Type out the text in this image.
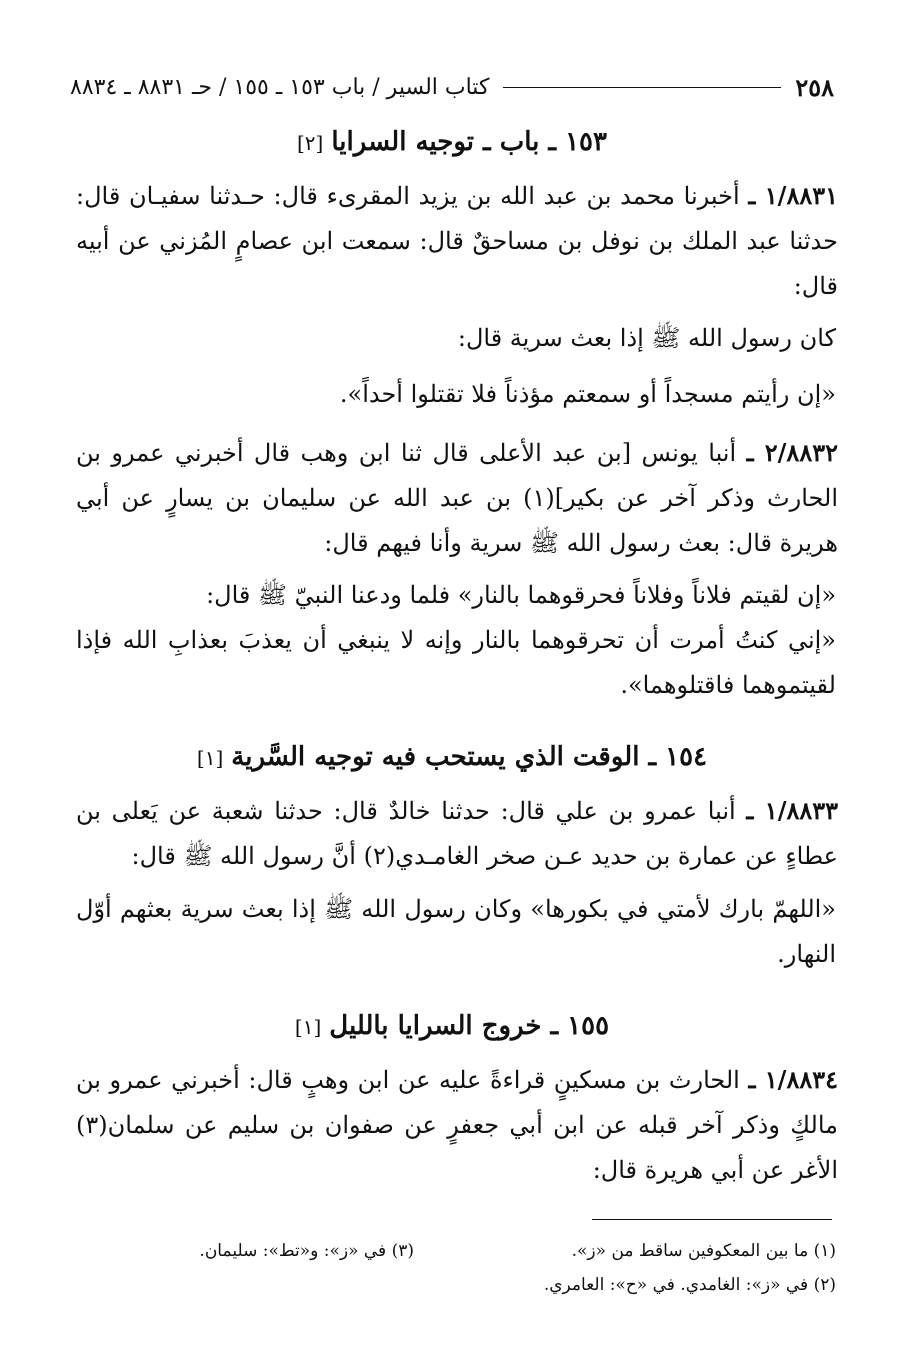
٢٥٨
كتاب السير / باب ١٥٣ ـ ١٥٥ / حـ ٨٨٣١ ـ ٨٨٣٤
١٥٣ ـ باب ـ توجيه السرايا[٢]
١/٨٨٣١ ـ أخبرنا محمد بن عبد الله بن يزيد المقرىء قال: حـدثنا سفيـان قال: حدثنا عبد الملك بن نوفل بن مساحقٌ قال: سمعت ابن عصامٍ المُزني عن أبيه قال:
كان رسول الله ﷺ إذا بعث سرية قال:
«إن رأيتم مسجداً أو سمعتم مؤذناً فلا تقتلوا أحداً».
٢/٨٨٣٢ ـ أنبا يونس [بن عبد الأعلى قال ثنا ابن وهب قال أخبرني عمرو بن الحارث وذكر آخر عن بكير](١) بن عبد الله عن سليمان بن يسارٍ عن أبي هريرة قال: بعث رسول الله ﷺ سرية وأنا فيهم قال:
«إن لقيتم فلاناً وفلاناً فحرقوهما بالنار» فلما ودعنا النبيّ ﷺ قال:
«إني كنتُ أمرت أن تحرقوهما بالنار وإنه لا ينبغي أن يعذبَ بعذابِ الله فإذا لقيتموهما فاقتلوهما».
١٥٤ ـ الوقت الذي يستحب فيه توجيه السَّرية[١]
١/٨٨٣٣ ـ أنبا عمرو بن علي قال: حدثنا خالدٌ قال: حدثنا شعبة عن يَعلى بن عطاءٍ عن عمارة بن حديد عـن صخر الغامـدي(٢) أنَّ رسول الله ﷺ قال:
«اللهمّ بارك لأمتي في بكورها» وكان رسول الله ﷺ إذا بعث سرية بعثهم أوّل النهار.
١٥٥ ـ خروج السرايا بالليل[١]
١/٨٨٣٤ ـ الحارث بن مسكينٍ قراءةً عليه عن ابن وهبٍ قال: أخبرني عمرو بن مالكٍ وذكر آخر قبله عن ابن أبي جعفرٍ عن صفوان بن سليم عن سلمان(٣) الأغر عن أبي هريرة قال:
(١) ما بين المعكوفين ساقط من «ز».
(٣) في «ز»: و«تط»: سليمان.
(٢) في «ز»: الغامدي. في «ح»: العامري.
